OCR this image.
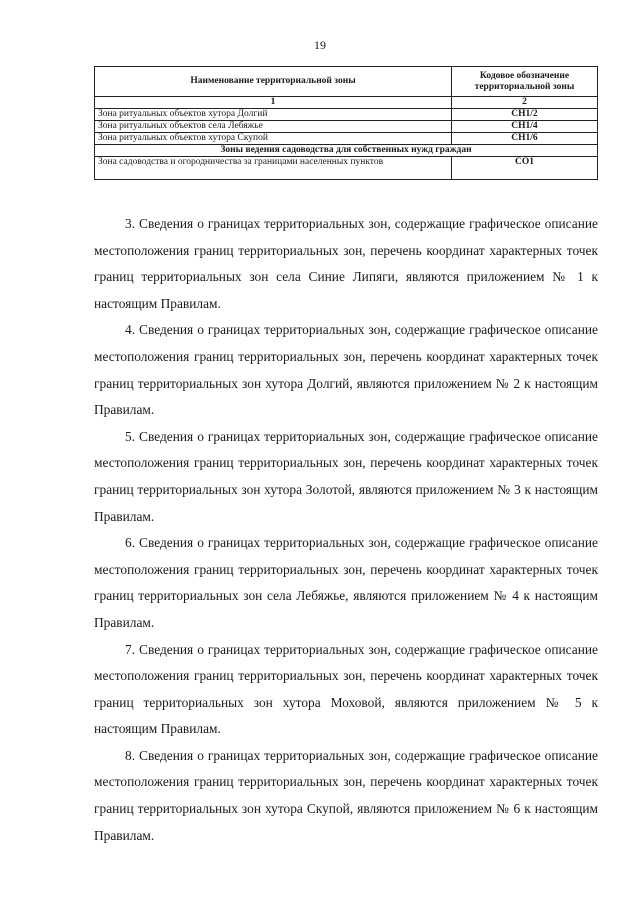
19
Наименование территориальной зоны	Кодовое обозначение территориальной зоны
1	2
Зона ритуальных объектов хутора Долгий	СН1/2
Зона ритуальных объектов села Лебяжье	СН1/4
Зона ритуальных объектов хутора Скупой	СН1/6
Зоны ведения садоводства для собственных нужд граждан	
Зона садоводства и огородничества за границами населенных пунктов	СО1

3. Сведения о границах территориальных зон, содержащие графическое описание местоположения границ территориальных зон, перечень координат характерных точек границ территориальных зон села Синие Липяги, являются приложением № 1 к настоящим Правилам.

4. Сведения о границах территориальных зон, содержащие графическое описание местоположения границ территориальных зон, перечень координат характерных точек границ территориальных зон хутора Долгий, являются приложением № 2 к настоящим Правилам.

5. Сведения о границах территориальных зон, содержащие графическое описание местоположения границ территориальных зон, перечень координат характерных точек границ территориальных зон хутора Золотой, являются приложением № 3 к настоящим Правилам.

6. Сведения о границах территориальных зон, содержащие графическое описание местоположения границ территориальных зон, перечень координат характерных точек границ территориальных зон села Лебяжье, являются приложением № 4 к настоящим Правилам.

7. Сведения о границах территориальных зон, содержащие графическое описание местоположения границ территориальных зон, перечень координат характерных точек границ территориальных зон хутора Моховой, являются приложением № 5 к настоящим Правилам.

8. Сведения о границах территориальных зон, содержащие графическое описание местоположения границ территориальных зон, перечень координат характерных точек границ территориальных зон хутора Скупой, являются приложением № 6 к настоящим Правилам.
